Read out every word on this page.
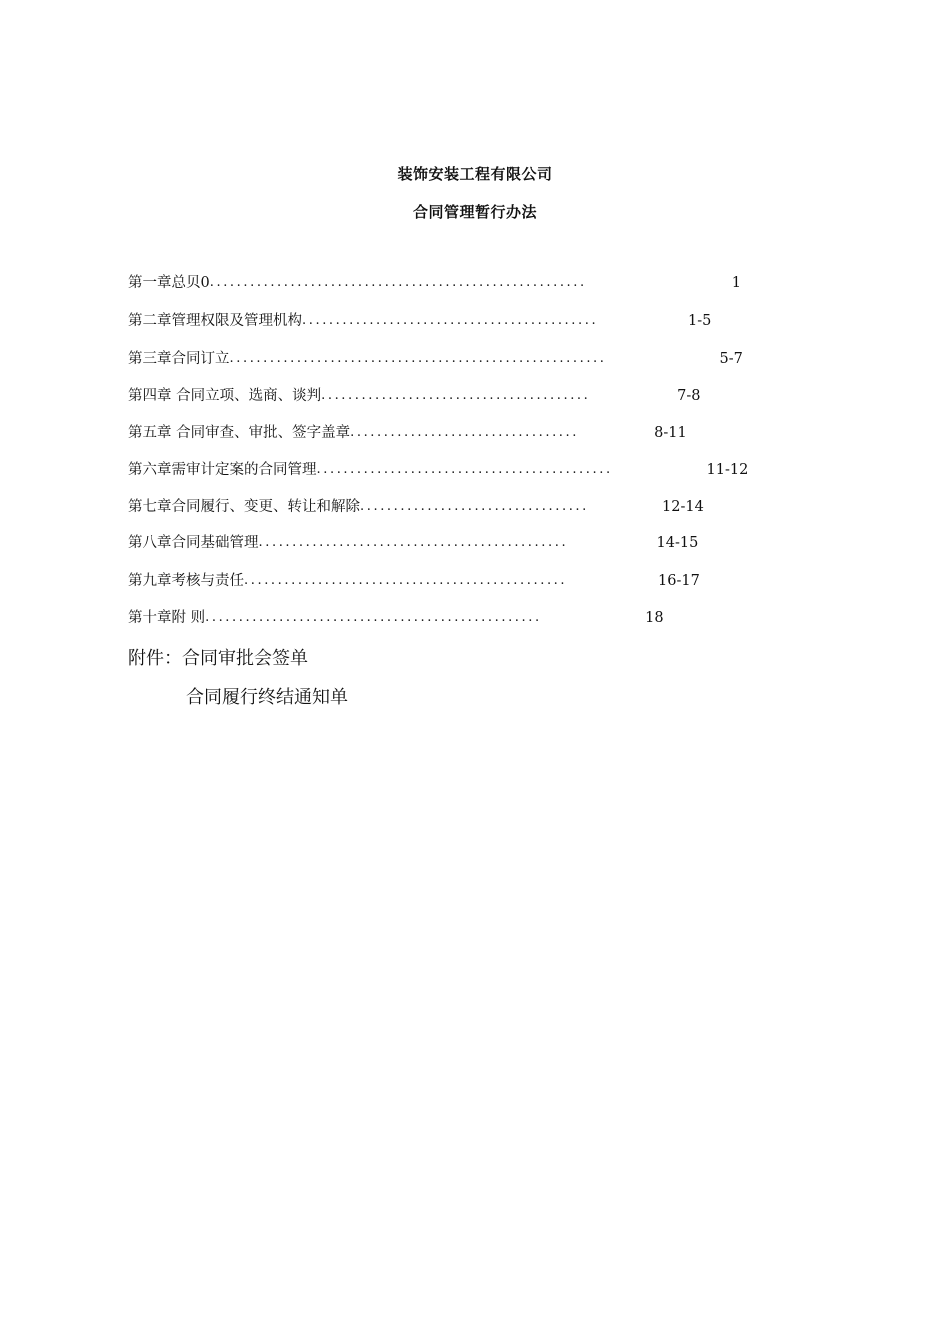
装饰安装工程有限公司
合同管理暂行办法
第一章总贝0........................................................	1
第二章管理权限及管理机构............................................	1-5
第三章合同订立........................................................	5-7
第四章 合同立项、选商、谈判........................................	7-8
第五章 合同审查、审批、签字盖章..................................	8-11
第六章需审计定案的合同管理............................................	11-12
第七章合同履行、变更、转让和解除..................................	12-14
第八章合同基础管理..............................................	14-15
第九章考核与责任................................................	16-17
第十章附 则..................................................	18
附件：合同审批会签单
合同履行终结通知单
